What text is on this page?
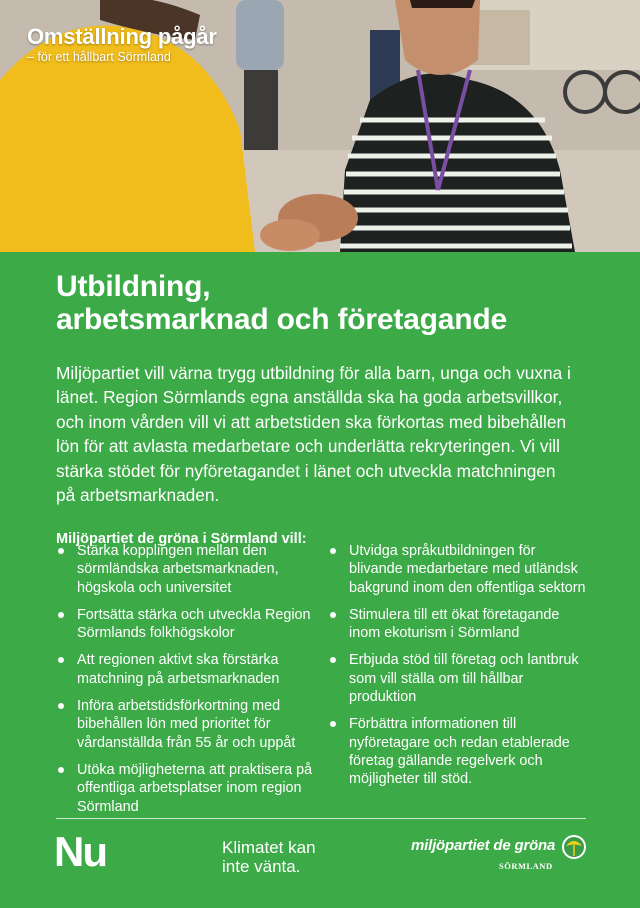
Omställning pågår
– för ett hållbart Sörmland
Utbildning,
arbetsmarknad och företagande

Miljöpartiet vill värna trygg utbildning för alla barn, unga och vuxna i länet. Region Sörmlands egna anställda ska ha goda arbetsvillkor, och inom vården vill vi att arbetstiden ska förkortas med bibehållen lön för att avlasta medarbetare och underlätta rekryteringen. Vi vill stärka stödet för nyföretagandet i länet och utveckla matchningen på arbetsmarknaden.

Miljöpartiet de gröna i Sörmland vill:
Stärka kopplingen mellan den sörmländska arbetsmarknaden, högskola och universitet
Fortsätta stärka och utveckla Region Sörmlands folkhögskolor
Att regionen aktivt ska förstärka matchning på arbetsmarknaden
Införa arbetstidsförkortning med bibehållen lön med prioritet för vårdanställda från 55 år och uppåt
Utöka möjligheterna att praktisera på offentliga arbetsplatser inom region Sörmland
Utvidga språkutbildningen för blivande medarbetare med utländsk bakgrund inom den offentliga sektorn
Stimulera till ett ökat företagande inom ekoturism i Sörmland
Erbjuda stöd till företag och lantbruk som vill ställa om till hållbar produktion
Förbättra informationen till nyföretagare och redan etablerade företag gällande regelverk och möjligheter till stöd.
Nu	Klimatet kan
inte vänta.
miljöpartiet de gröna
SÖRMLAND
